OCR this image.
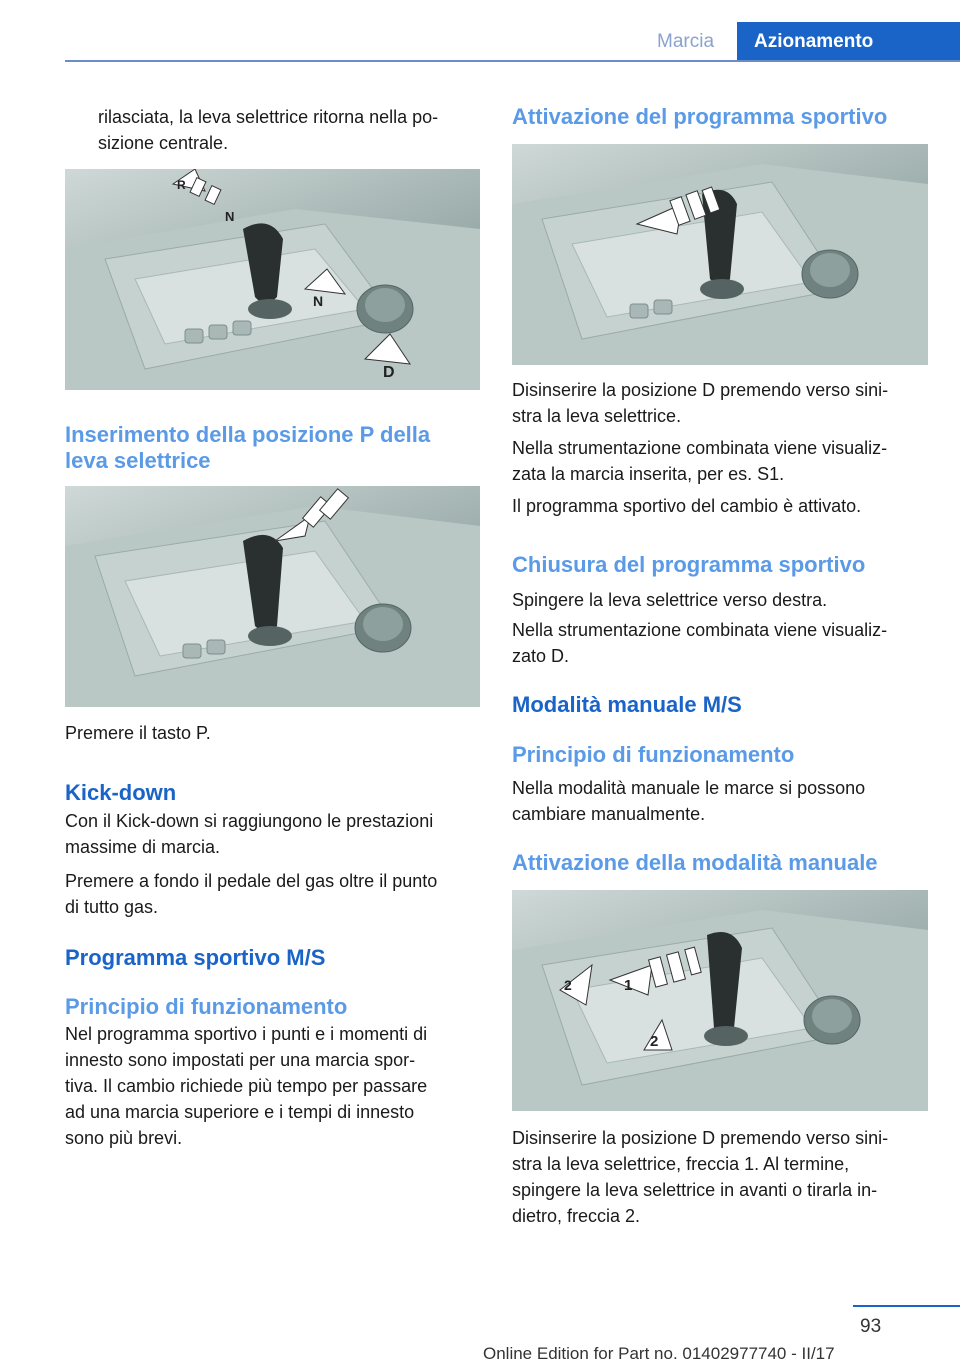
Marcia	Azionamento

rilasciata, la leva selettrice ritorna nella po-

sizione centrale.

R
N
N
D
Inserimento della posizione P della
leva selettrice

Premere il tasto P.

Kick-down

Con il Kick-down si raggiungono le prestazioni

massime di marcia.

Premere a fondo il pedale del gas oltre il punto

di tutto gas.

Programma sportivo M/S
Principio di funzionamento

Nel programma sportivo i punti e i momenti di

innesto sono impostati per una marcia spor-

tiva. Il cambio richiede più tempo per passare

ad una marcia superiore e i tempi di innesto

sono più brevi.

Attivazione del programma sportivo

Disinserire la posizione D premendo verso sini-

stra la leva selettrice.

Nella strumentazione combinata viene visualiz-

zata la marcia inserita, per es. S1.

Il programma sportivo del cambio è attivato.

Chiusura del programma sportivo

Spingere la leva selettrice verso destra.

Nella strumentazione combinata viene visualiz-

zato D.

Modalità manuale M/S
Principio di funzionamento

Nella modalità manuale le marce si possono

cambiare manualmente.

Attivazione della modalità manuale
2	1
2

Disinserire la posizione D premendo verso sini-

stra la leva selettrice, freccia 1. Al termine,

spingere la leva selettrice in avanti o tirarla in-

dietro, freccia 2.

93
Online Edition for Part no. 01402977740 - II/17
